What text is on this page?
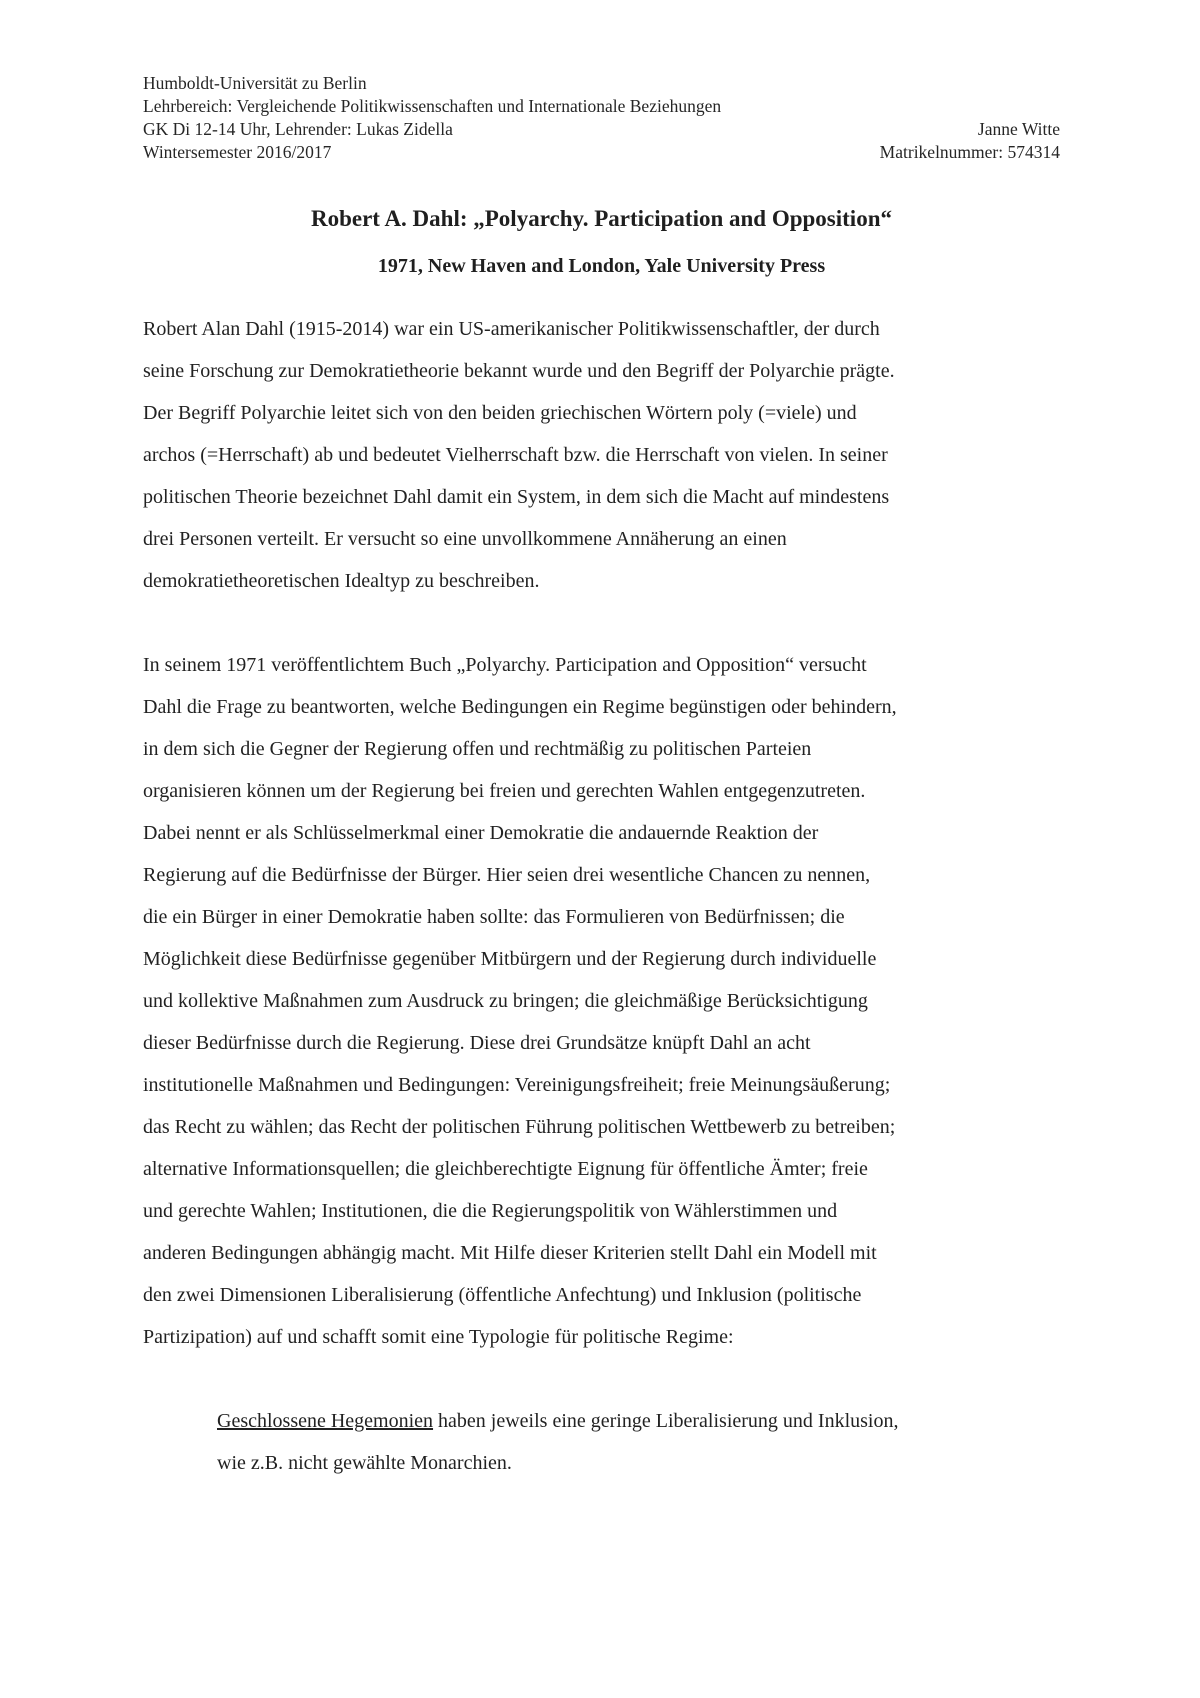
Humboldt-Universität zu Berlin
Lehrbereich: Vergleichende Politikwissenschaften und Internationale Beziehungen
GK Di 12-14 Uhr, Lehrender: Lukas Zidella	Janne Witte
Wintersemester 2016/2017	Matrikelnummer: 574314
Robert A. Dahl: „Polyarchy. Participation and Opposition“
1971, New Haven and London, Yale University Press

Robert Alan Dahl (1915-2014) war ein US-amerikanischer Politikwissenschaftler, der durch
seine Forschung zur Demokratietheorie bekannt wurde und den Begriff der Polyarchie prägte.
Der Begriff Polyarchie leitet sich von den beiden griechischen Wörtern poly (=viele) und
archos (=Herrschaft) ab und bedeutet Vielherrschaft bzw. die Herrschaft von vielen. In seiner
politischen Theorie bezeichnet Dahl damit ein System, in dem sich die Macht auf mindestens
drei Personen verteilt. Er versucht so eine unvollkommene Annäherung an einen
demokratietheoretischen Idealtyp zu beschreiben.

In seinem 1971 veröffentlichtem Buch „Polyarchy. Participation and Opposition“ versucht
Dahl die Frage zu beantworten, welche Bedingungen ein Regime begünstigen oder behindern,
in dem sich die Gegner der Regierung offen und rechtmäßig zu politischen Parteien
organisieren können um der Regierung bei freien und gerechten Wahlen entgegenzutreten.
Dabei nennt er als Schlüsselmerkmal einer Demokratie die andauernde Reaktion der
Regierung auf die Bedürfnisse der Bürger. Hier seien drei wesentliche Chancen zu nennen,
die ein Bürger in einer Demokratie haben sollte: das Formulieren von Bedürfnissen; die
Möglichkeit diese Bedürfnisse gegenüber Mitbürgern und der Regierung durch individuelle
und kollektive Maßnahmen zum Ausdruck zu bringen; die gleichmäßige Berücksichtigung
dieser Bedürfnisse durch die Regierung. Diese drei Grundsätze knüpft Dahl an acht
institutionelle Maßnahmen und Bedingungen: Vereinigungsfreiheit; freie Meinungsäußerung;
das Recht zu wählen; das Recht der politischen Führung politischen Wettbewerb zu betreiben;
alternative Informationsquellen; die gleichberechtigte Eignung für öffentliche Ämter; freie
und gerechte Wahlen; Institutionen, die die Regierungspolitik von Wählerstimmen und
anderen Bedingungen abhängig macht. Mit Hilfe dieser Kriterien stellt Dahl ein Modell mit
den zwei Dimensionen Liberalisierung (öffentliche Anfechtung) und Inklusion (politische
Partizipation) auf und schafft somit eine Typologie für politische Regime:

Geschlossene Hegemonien haben jeweils eine geringe Liberalisierung und Inklusion,
wie z.B. nicht gewählte Monarchien.
